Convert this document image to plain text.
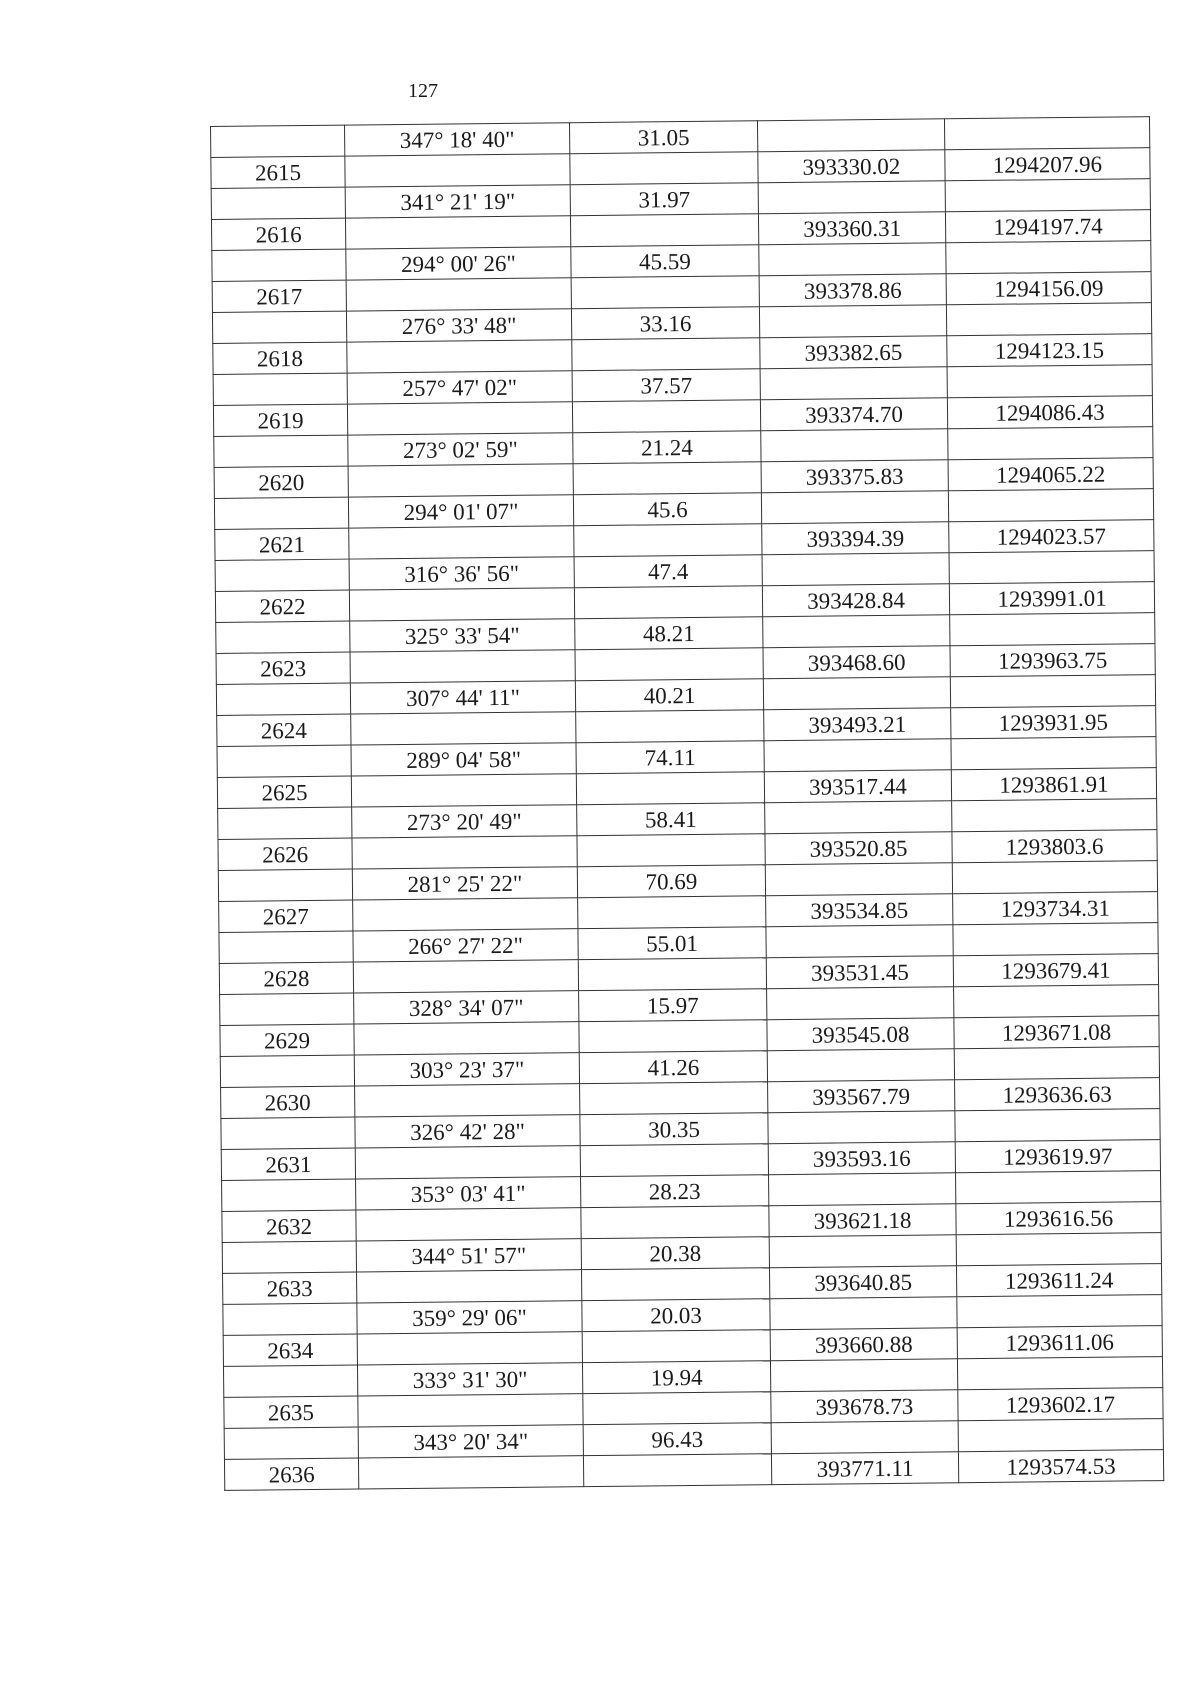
127
	347° 18' 40"	31.05		
2615			393330.02	1294207.96
	341° 21' 19"	31.97		
2616			393360.31	1294197.74
	294° 00' 26"	45.59		
2617			393378.86	1294156.09
	276° 33' 48"	33.16		
2618			393382.65	1294123.15
	257° 47' 02"	37.57		
2619			393374.70	1294086.43
	273° 02' 59"	21.24		
2620			393375.83	1294065.22
	294° 01' 07"	45.6		
2621			393394.39	1294023.57
	316° 36' 56"	47.4		
2622			393428.84	1293991.01
	325° 33' 54"	48.21		
2623			393468.60	1293963.75
	307° 44' 11"	40.21		
2624			393493.21	1293931.95
	289° 04' 58"	74.11		
2625			393517.44	1293861.91
	273° 20' 49"	58.41		
2626			393520.85	1293803.6
	281° 25' 22"	70.69		
2627			393534.85	1293734.31
	266° 27' 22"	55.01		
2628			393531.45	1293679.41
	328° 34' 07"	15.97		
2629			393545.08	1293671.08
	303° 23' 37"	41.26		
2630			393567.79	1293636.63
	326° 42' 28"	30.35		
2631			393593.16	1293619.97
	353° 03' 41"	28.23		
2632			393621.18	1293616.56
	344° 51' 57"	20.38		
2633			393640.85	1293611.24
	359° 29' 06"	20.03		
2634			393660.88	1293611.06
	333° 31' 30"	19.94		
2635			393678.73	1293602.17
	343° 20' 34"	96.43		
2636			393771.11	1293574.53
